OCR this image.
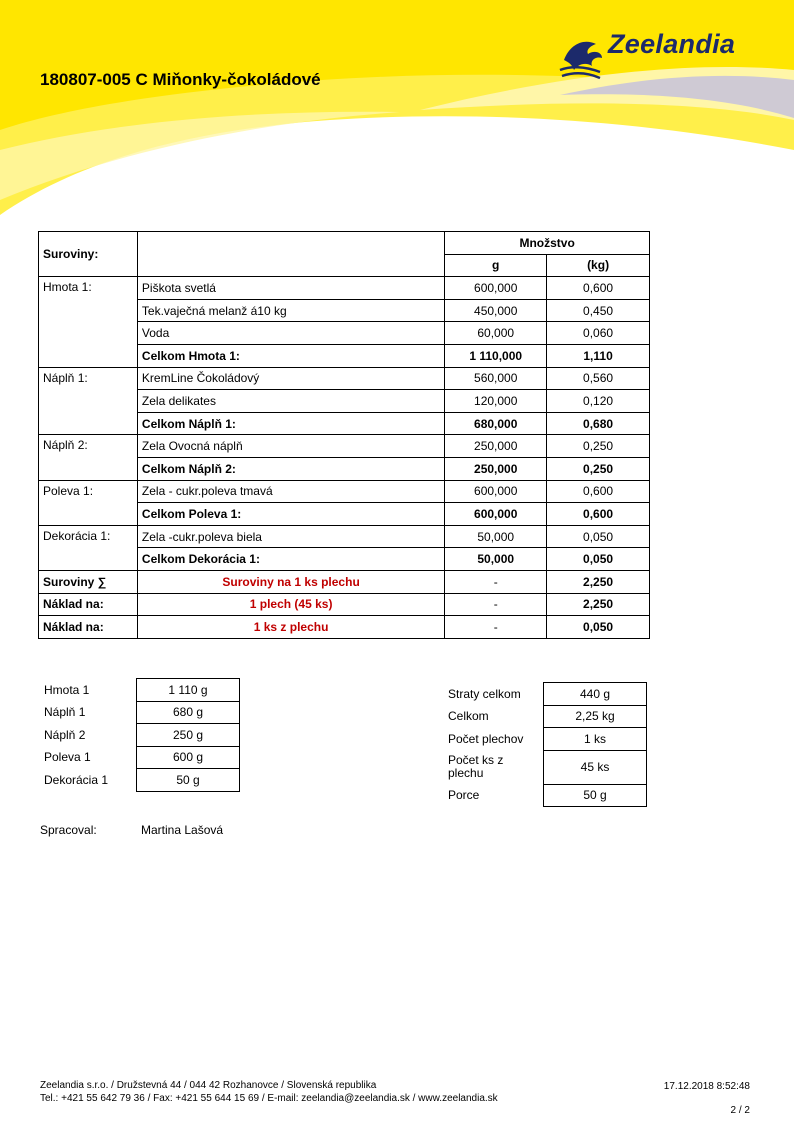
Zeelandia
180807-005 C Miňonky-čokoládové
Suroviny:		Množstvo	
		g	(kg)
Hmota 1:	Piškota svetlá	600,000	0,600
	Tek.vaječná melanž á10 kg	450,000	0,450
	Voda	60,000	0,060
	Celkom Hmota 1:	1 110,000	1,110
Náplň 1:	KremLine Čokoládový	560,000	0,560
	Zela delikates	120,000	0,120
	Celkom Náplň 1:	680,000	0,680
Náplň 2:	Zela Ovocná náplň	250,000	0,250
	Celkom Náplň 2:	250,000	0,250
Poleva 1:	Zela - cukr.poleva tmavá	600,000	0,600
	Celkom Poleva 1:	600,000	0,600
Dekorácia 1:	Zela -cukr.poleva biela	50,000	0,050
	Celkom Dekorácia 1:	50,000	0,050
Suroviny ∑	Suroviny na 1 ks plechu	-	2,250
Náklad na:	1 plech (45 ks)	-	2,250
Náklad na:	1 ks z plechu	-	0,050
Hmota 1	1 110 g
Náplň 1	680 g
Náplň 2	250 g
Poleva 1	600 g
Dekorácia 1	50 g
Straty celkom	440 g
Celkom	2,25 kg
Počet plechov	1 ks
Počet ks z plechu	45 ks
Porce	50 g
Spracoval:	Martina Lašová
Zeelandia s.r.o. / Družstevná 44 / 044 42 Rozhanovce / Slovenská republika
Tel.: +421 55 642 79 36 / Fax: +421 55 644 15 69 / E-mail: zeelandia@zeelandia.sk / www.zeelandia.sk
17.12.2018 8:52:48
2 / 2
